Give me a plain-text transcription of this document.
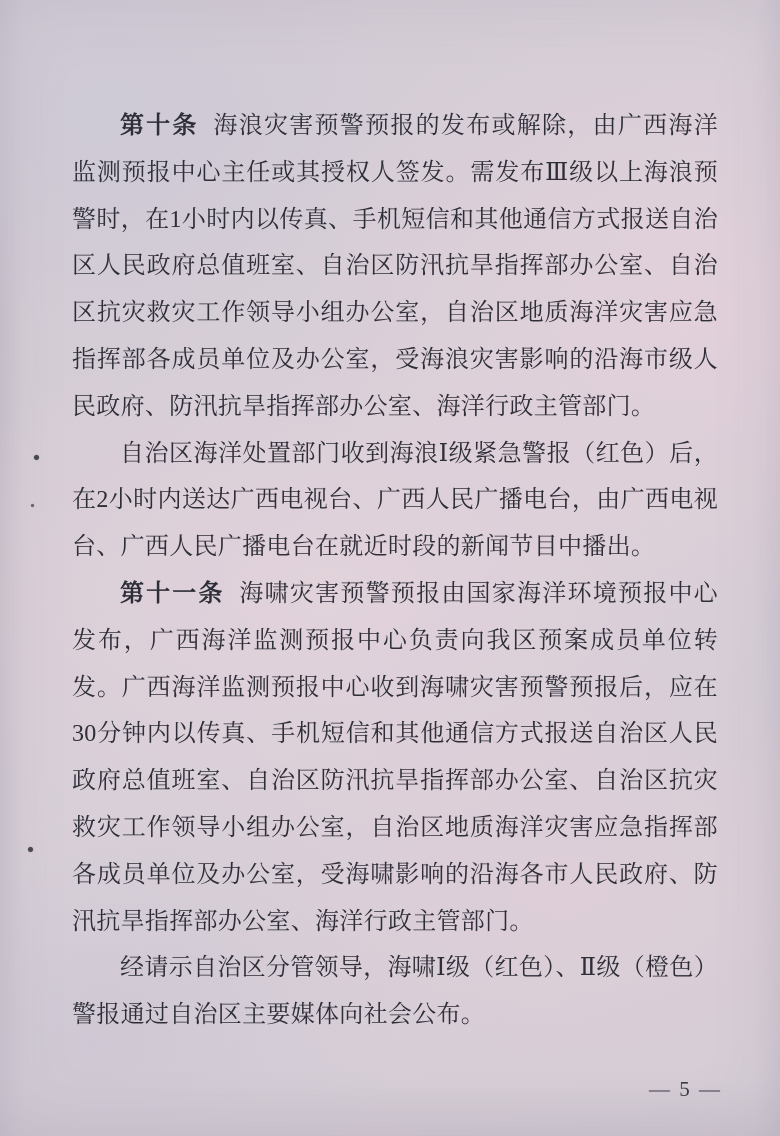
第十条 海浪灾害预警预报的发布或解除，由广西海洋监测预报中心主任或其授权人签发。需发布Ⅲ级以上海浪预警时，在1小时内以传真、手机短信和其他通信方式报送自治区人民政府总值班室、自治区防汛抗旱指挥部办公室、自治区抗灾救灾工作领导小组办公室，自治区地质海洋灾害应急指挥部各成员单位及办公室，受海浪灾害影响的沿海市级人民政府、防汛抗旱指挥部办公室、海洋行政主管部门。

自治区海洋处置部门收到海浪Ⅰ级紧急警报（红色）后，在2小时内送达广西电视台、广西人民广播电台，由广西电视台、广西人民广播电台在就近时段的新闻节目中播出。

第十一条 海啸灾害预警预报由国家海洋环境预报中心发布，广西海洋监测预报中心负责向我区预案成员单位转发。广西海洋监测预报中心收到海啸灾害预警预报后，应在30分钟内以传真、手机短信和其他通信方式报送自治区人民政府总值班室、自治区防汛抗旱指挥部办公室、自治区抗灾救灾工作领导小组办公室，自治区地质海洋灾害应急指挥部各成员单位及办公室，受海啸影响的沿海各市人民政府、防汛抗旱指挥部办公室、海洋行政主管部门。

经请示自治区分管领导，海啸Ⅰ级（红色）、Ⅱ级（橙色）警报通过自治区主要媒体向社会公布。

— 5 —
